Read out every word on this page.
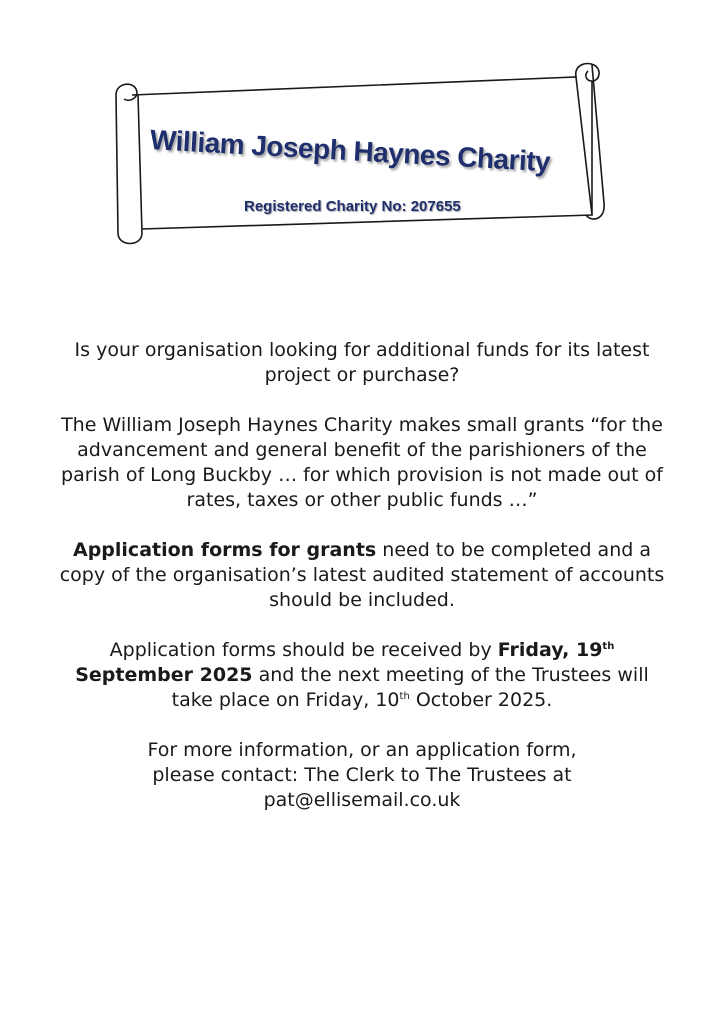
William Joseph Haynes Charity
Registered Charity No: 207655

Is your organisation looking for additional funds for its latest project or purchase?

The William Joseph Haynes Charity makes small grants “for the advancement and general benefit of the parishioners of the parish of Long Buckby … for which provision is not made out of rates, taxes or other public funds …”

Application forms for grants need to be completed and a copy of the organisation’s latest audited statement of accounts should be included.

Application forms should be received by Friday, 19th September 2025 and the next meeting of the Trustees will take place on Friday, 10th October 2025.

For more information, or an application form,
please contact: The Clerk to The Trustees at
pat@ellisemail.co.uk
